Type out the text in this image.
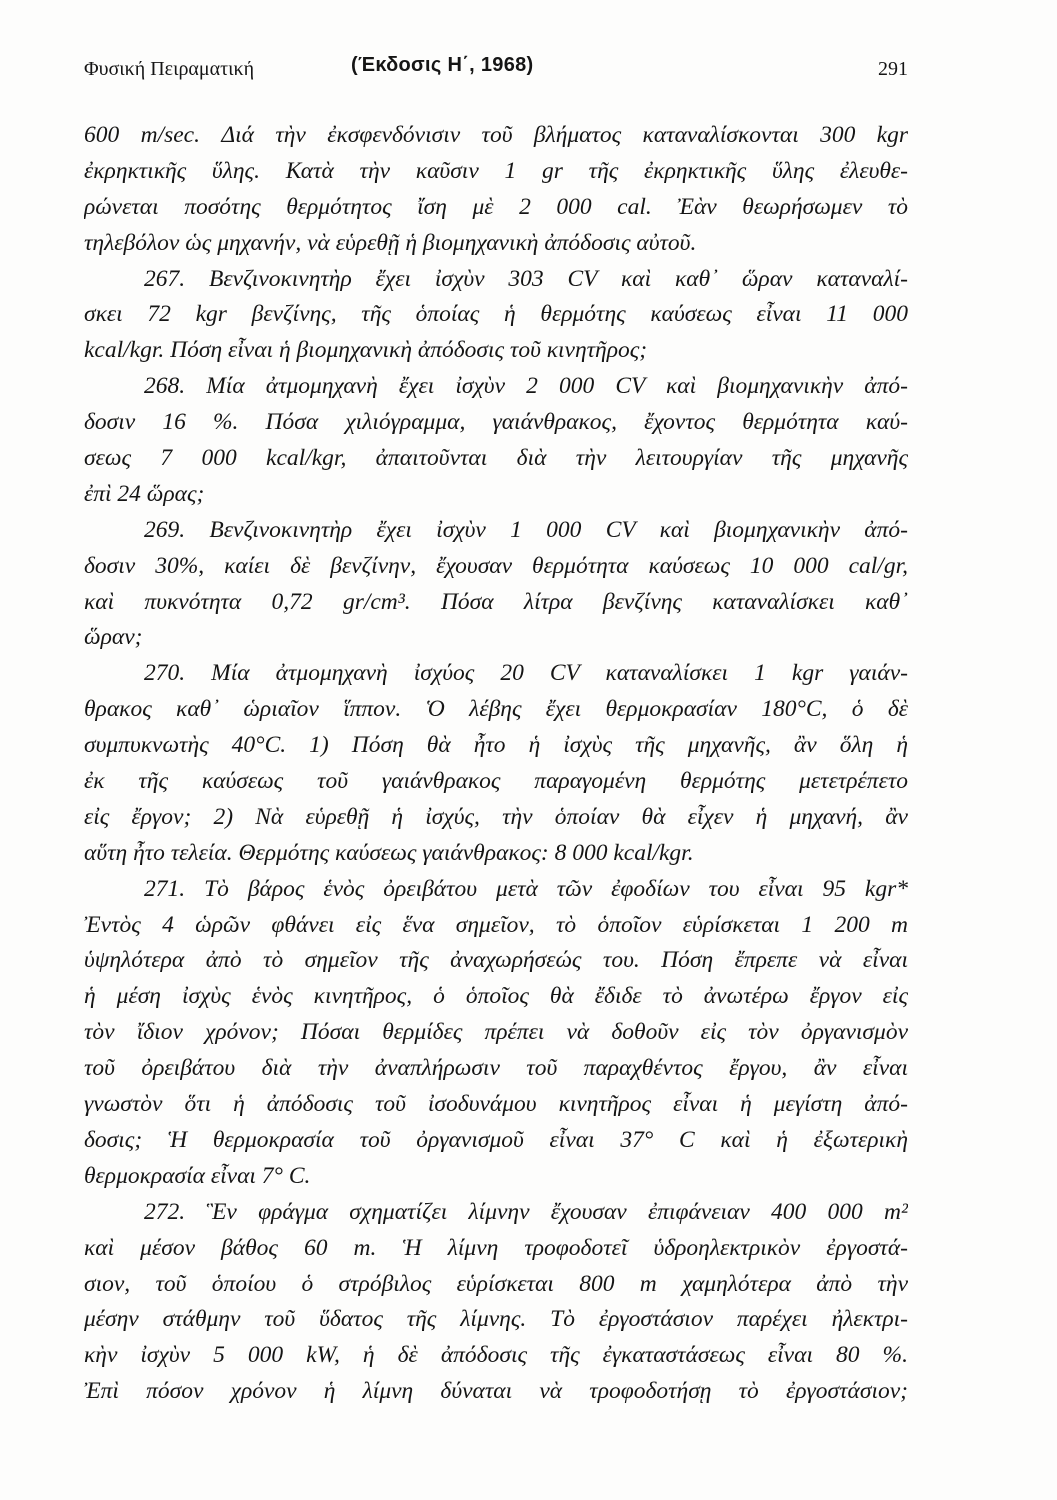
Φυσική Πειραματική	(Έκδοσις Η΄, 1968)	291
600 m/sec. Διά τὴν ἐκσφενδόνισιν τοῦ βλήματος καταναλίσκονται 300 kgr
ἐκρηκτικῆς ὕλης. Κατὰ τὴν καῦσιν 1 gr τῆς ἐκρηκτικῆς ὕλης ἐλευθε-
ρώνεται ποσότης θερμότητος ἴση μὲ 2 000 cal. Ἐὰν θεωρήσωμεν τὸ
τηλεβόλον ὡς μηχανήν, νὰ εὑρεθῇ ἡ βιομηχανικὴ ἀπόδοσις αὐτοῦ.
267. Βενζινοκινητὴρ ἔχει ἰσχὺν 303 CV καὶ καθ᾽ ὥραν καταναλί-
σκει 72 kgr βενζίνης, τῆς ὁποίας ἡ θερμότης καύσεως εἶναι 11 000
kcal/kgr. Πόση εἶναι ἡ βιομηχανικὴ ἀπόδοσις τοῦ κινητῆρος;
268. Μία ἀτμομηχανὴ ἔχει ἰσχὺν 2 000 CV καὶ βιομηχανικὴν ἀπό-
δοσιν 16 %. Πόσα χιλιόγραμμα, γαιάνθρακος, ἔχοντος θερμότητα καύ-
σεως 7 000 kcal/kgr, ἀπαιτοῦνται διὰ τὴν λειτουργίαν τῆς μηχανῆς
ἐπὶ 24 ὥρας;
269. Βενζινοκινητὴρ ἔχει ἰσχὺν 1 000 CV καὶ βιομηχανικὴν ἀπό-
δοσιν 30%, καίει δὲ βενζίνην, ἔχουσαν θερμότητα καύσεως 10 000 cal/gr,
καὶ πυκνότητα 0,72 gr/cm³. Πόσα λίτρα βενζίνης καταναλίσκει καθ᾽
ὥραν;
270. Μία ἀτμομηχανὴ ἰσχύος 20 CV καταναλίσκει 1 kgr γαιάν-
θρακος καθ᾽ ὡριαῖον ἵππον. Ὁ λέβης ἔχει θερμοκρασίαν 180°C, ὁ δὲ
συμπυκνωτὴς 40°C. 1) Πόση θὰ ἦτο ἡ ἰσχὺς τῆς μηχανῆς, ἂν ὅλη ἡ
ἐκ τῆς καύσεως τοῦ γαιάνθρακος παραγομένη θερμότης μετετρέπετο
εἰς ἔργον; 2) Νὰ εὑρεθῇ ἡ ἰσχύς, τὴν ὁποίαν θὰ εἶχεν ἡ μηχανή, ἂν
αὕτη ἦτο τελεία. Θερμότης καύσεως γαιάνθρακος: 8 000 kcal/kgr.
271. Τὸ βάρος ἑνὸς ὀρειβάτου μετὰ τῶν ἐφοδίων του εἶναι 95 kgr*
Ἐντὸς 4 ὡρῶν φθάνει εἰς ἕνα σημεῖον, τὸ ὁποῖον εὑρίσκεται 1 200 m
ὑψηλότερα ἀπὸ τὸ σημεῖον τῆς ἀναχωρήσεώς του. Πόση ἔπρεπε νὰ εἶναι
ἡ μέση ἰσχὺς ἑνὸς κινητῆρος, ὁ ὁποῖος θὰ ἔδιδε τὸ ἀνωτέρω ἔργον εἰς
τὸν ἴδιον χρόνον; Πόσαι θερμίδες πρέπει νὰ δοθοῦν εἰς τὸν ὀργανισμὸν
τοῦ ὀρειβάτου διὰ τὴν ἀναπλήρωσιν τοῦ παραχθέντος ἔργου, ἂν εἶναι
γνωστὸν ὅτι ἡ ἀπόδοσις τοῦ ἰσοδυνάμου κινητῆρος εἶναι ἡ μεγίστη ἀπό-
δοσις; Ἡ θερμοκρασία τοῦ ὀργανισμοῦ εἶναι 37° C καὶ ἡ ἐξωτερικὴ
θερμοκρασία εἶναι 7° C.
272. Ἓν φράγμα σχηματίζει λίμνην ἔχουσαν ἐπιφάνειαν 400 000 m²
καὶ μέσον βάθος 60 m. Ἡ λίμνη τροφοδοτεῖ ὑδροηλεκτρικὸν ἐργοστά-
σιον, τοῦ ὁποίου ὁ στρόβιλος εὑρίσκεται 800 m χαμηλότερα ἀπὸ τὴν
μέσην στάθμην τοῦ ὕδατος τῆς λίμνης. Τὸ ἐργοστάσιον παρέχει ἠλεκτρι-
κὴν ἰσχὺν 5 000 kW, ἡ δὲ ἀπόδοσις τῆς ἐγκαταστάσεως εἶναι 80 %.
Ἐπὶ πόσον χρόνον ἡ λίμνη δύναται νὰ τροφοδοτήσῃ τὸ ἐργοστάσιον;
